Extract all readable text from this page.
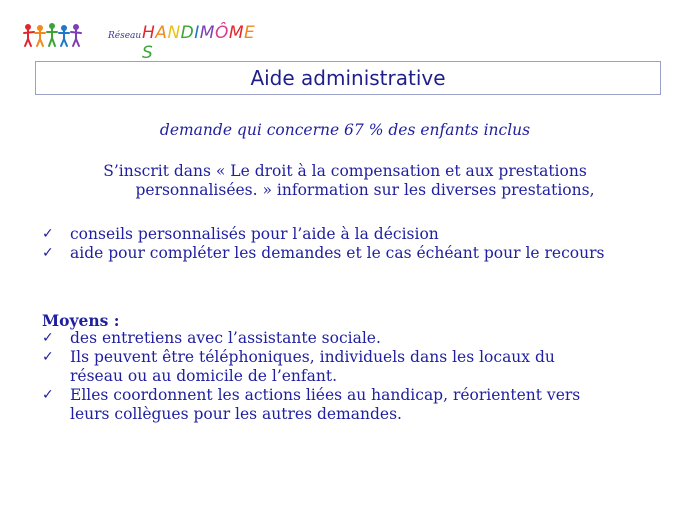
Réseau HANDIMÔMES
Aide administrative
demande qui concerne 67 % des enfants inclus
S’inscrit dans « Le droit à la compensation et aux prestations
personnalisées. » information sur les diverses prestations,
✓ conseils personnalisés pour l’aide à la décision
✓ aide pour compléter les demandes et le cas échéant pour le recours
Moyens :
✓ des entretiens avec l’assistante sociale.
✓ Ils peuvent être téléphoniques, individuels dans les locaux du
réseau ou au domicile de l’enfant.
✓ Elles coordonnent les actions liées au handicap, réorientent vers
leurs collègues pour les autres demandes.
